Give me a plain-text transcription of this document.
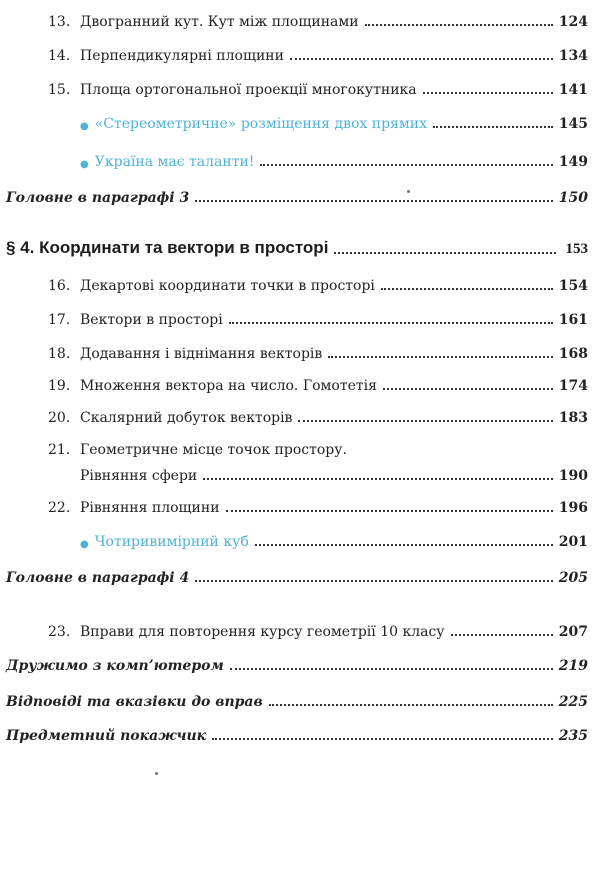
13. Двогранний кут. Кут між площинами	124
14. Перпендикулярні площини	134
15. Площа ортогональної проекції многокутника	141
● «Стереометричне» розміщення двох прямих	145
● Україна має таланти!	149
Головне в параграфі 3	150
§ 4. Координати та вектори в просторі	153
16. Декартові координати точки в просторі	154
17. Вектори в просторі	161
18. Додавання і віднімання векторів	168
19. Множення вектора на число. Гомотетія	174
20. Скалярний добуток векторів	183
21. Геометричне місце точок простору.
Рівняння сфери	190
22. Рівняння площини	196
● Чотиривимірний куб	201
Головне в параграфі 4	205
23. Вправи для повторення курсу геометрії 10 класу	207
Дружимо з комп’ютером	219
Відповіді та вказівки до вправ	225
Предметний покажчик	235
